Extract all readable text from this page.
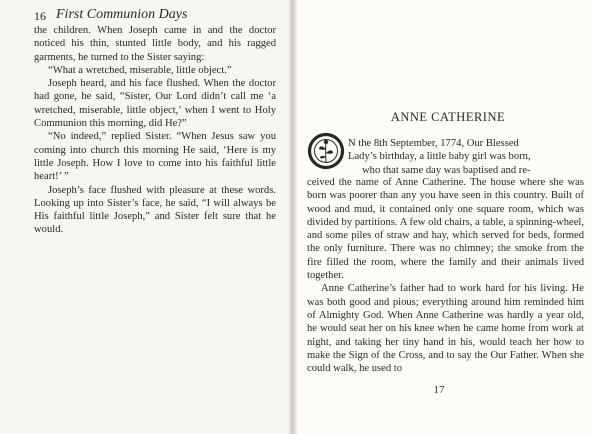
16 First Communion Days

the children. When Joseph came in and the doctor noticed his thin, stunted little body, and his ragged garments, he turned to the Sister saying:

“What a wretched, miserable, little object.”

Joseph heard, and his face flushed. When the doctor had gone, he said, “Sister, Our Lord didn’t call me ‘a wretched, miserable, little object,’ when I went to Holy Communion this morning, did He?”

“No indeed,” replied Sister. “When Jesus saw you coming into church this morning He said, ‘Here is my little Joseph. How I love to come into his faithful little heart!’ ”

Joseph’s face flushed with pleasure at these words. Looking up into Sister’s face, he said, “I will always be His faithful little Joseph,” and Sister felt sure that he would.

ANNE CATHERINE
N the 8th September, 1774, Our Blessed
Lady’s birthday, a little baby girl was born,
who that same day was baptised and re-

ceived the name of Anne Catherine. The house where she was born was poorer than any you have seen in this country. Built of wood and mud, it contained only one square room, which was divided by partitions. A few old chairs, a table, a spinning-wheel, and some piles of straw and hay, which served for beds, formed the only furniture. There was no chimney; the smoke from the fire filled the room, where the family and their animals lived together.

Anne Catherine’s father had to work hard for his living. He was both good and pious; everything around him reminded him of Almighty God. When Anne Catherine was hardly a year old, he would seat her on his knee when he came home from work at night, and taking her tiny hand in his, would teach her how to make the Sign of the Cross, and to say the Our Father. When she could walk, he used to

17
